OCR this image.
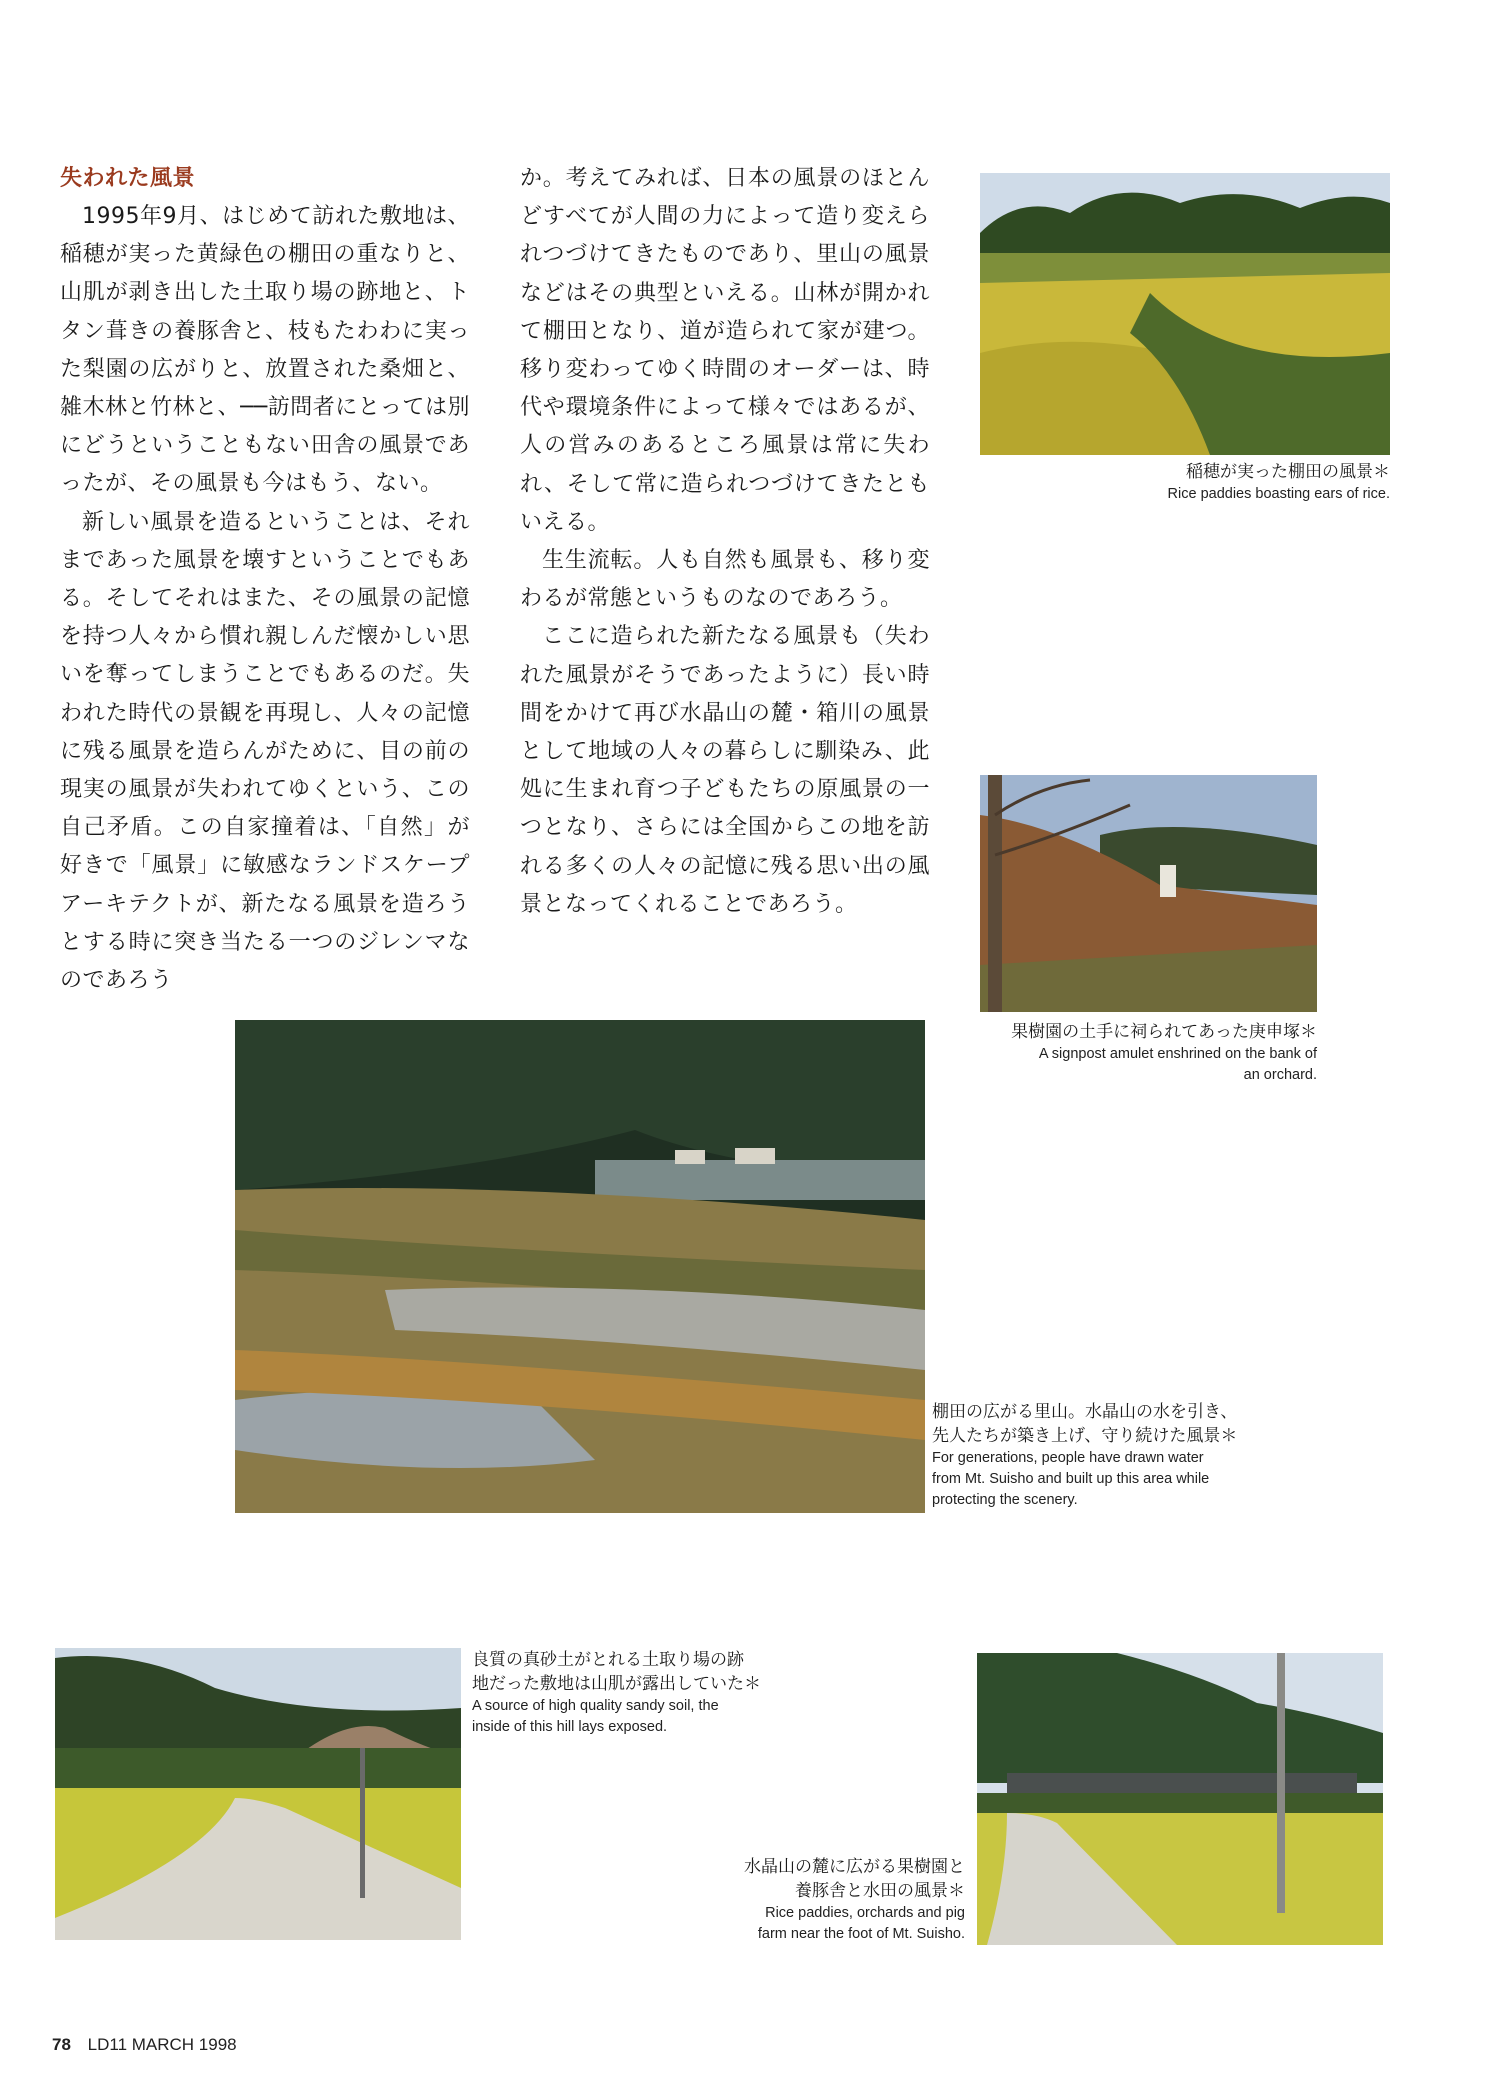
失われた風景

1995年9月、はじめて訪れた敷地は、稲穂が実った黄緑色の棚田の重なりと、山肌が剥き出した土取り場の跡地と、トタン葺きの養豚舎と、枝もたわわに実った梨園の広がりと、放置された桑畑と、雑木林と竹林と、──訪問者にとっては別にどうということもない田舎の風景であったが、その風景も今はもう、ない。

新しい風景を造るということは、それまであった風景を壊すということでもある。そしてそれはまた、その風景の記憶を持つ人々から慣れ親しんだ懐かしい思いを奪ってしまうことでもあるのだ。失われた時代の景観を再現し、人々の記憶に残る風景を造らんがために、目の前の現実の風景が失われてゆくという、この自己矛盾。この自家撞着は、「自然」が好きで「風景」に敏感なランドスケープアーキテクトが、新たなる風景を造ろうとする時に突き当たる一つのジレンマなのであろう

か。考えてみれば、日本の風景のほとんどすべてが人間の力によって造り変えられつづけてきたものであり、里山の風景などはその典型といえる。山林が開かれて棚田となり、道が造られて家が建つ。移り変わってゆく時間のオーダーは、時代や環境条件によって様々ではあるが、人の営みのあるところ風景は常に失われ、そして常に造られつづけてきたともいえる。

生生流転。人も自然も風景も、移り変わるが常態というものなのであろう。

ここに造られた新たなる風景も（失われた風景がそうであったように）長い時間をかけて再び水晶山の麓・箱川の風景として地域の人々の暮らしに馴染み、此処に生まれ育つ子どもたちの原風景の一つとなり、さらには全国からこの地を訪れる多くの人々の記憶に残る思い出の風景となってくれることであろう。

稲穂が実った棚田の風景＊
Rice paddies boasting ears of rice.
果樹園の土手に祠られてあった庚申塚＊
A signpost amulet enshrined on the bank of
an orchard.
棚田の広がる里山。水晶山の水を引き、
先人たちが築き上げ、守り続けた風景＊
For generations, people have drawn water
from Mt. Suisho and built up this area while
protecting the scenery.
良質の真砂土がとれる土取り場の跡
地だった敷地は山肌が露出していた＊
A source of high quality sandy soil, the
inside of this hill lays exposed.
水晶山の麓に広がる果樹園と
養豚舎と水田の風景＊
Rice paddies, orchards and pig
farm near the foot of Mt. Suisho.
78 LD11 MARCH 1998
